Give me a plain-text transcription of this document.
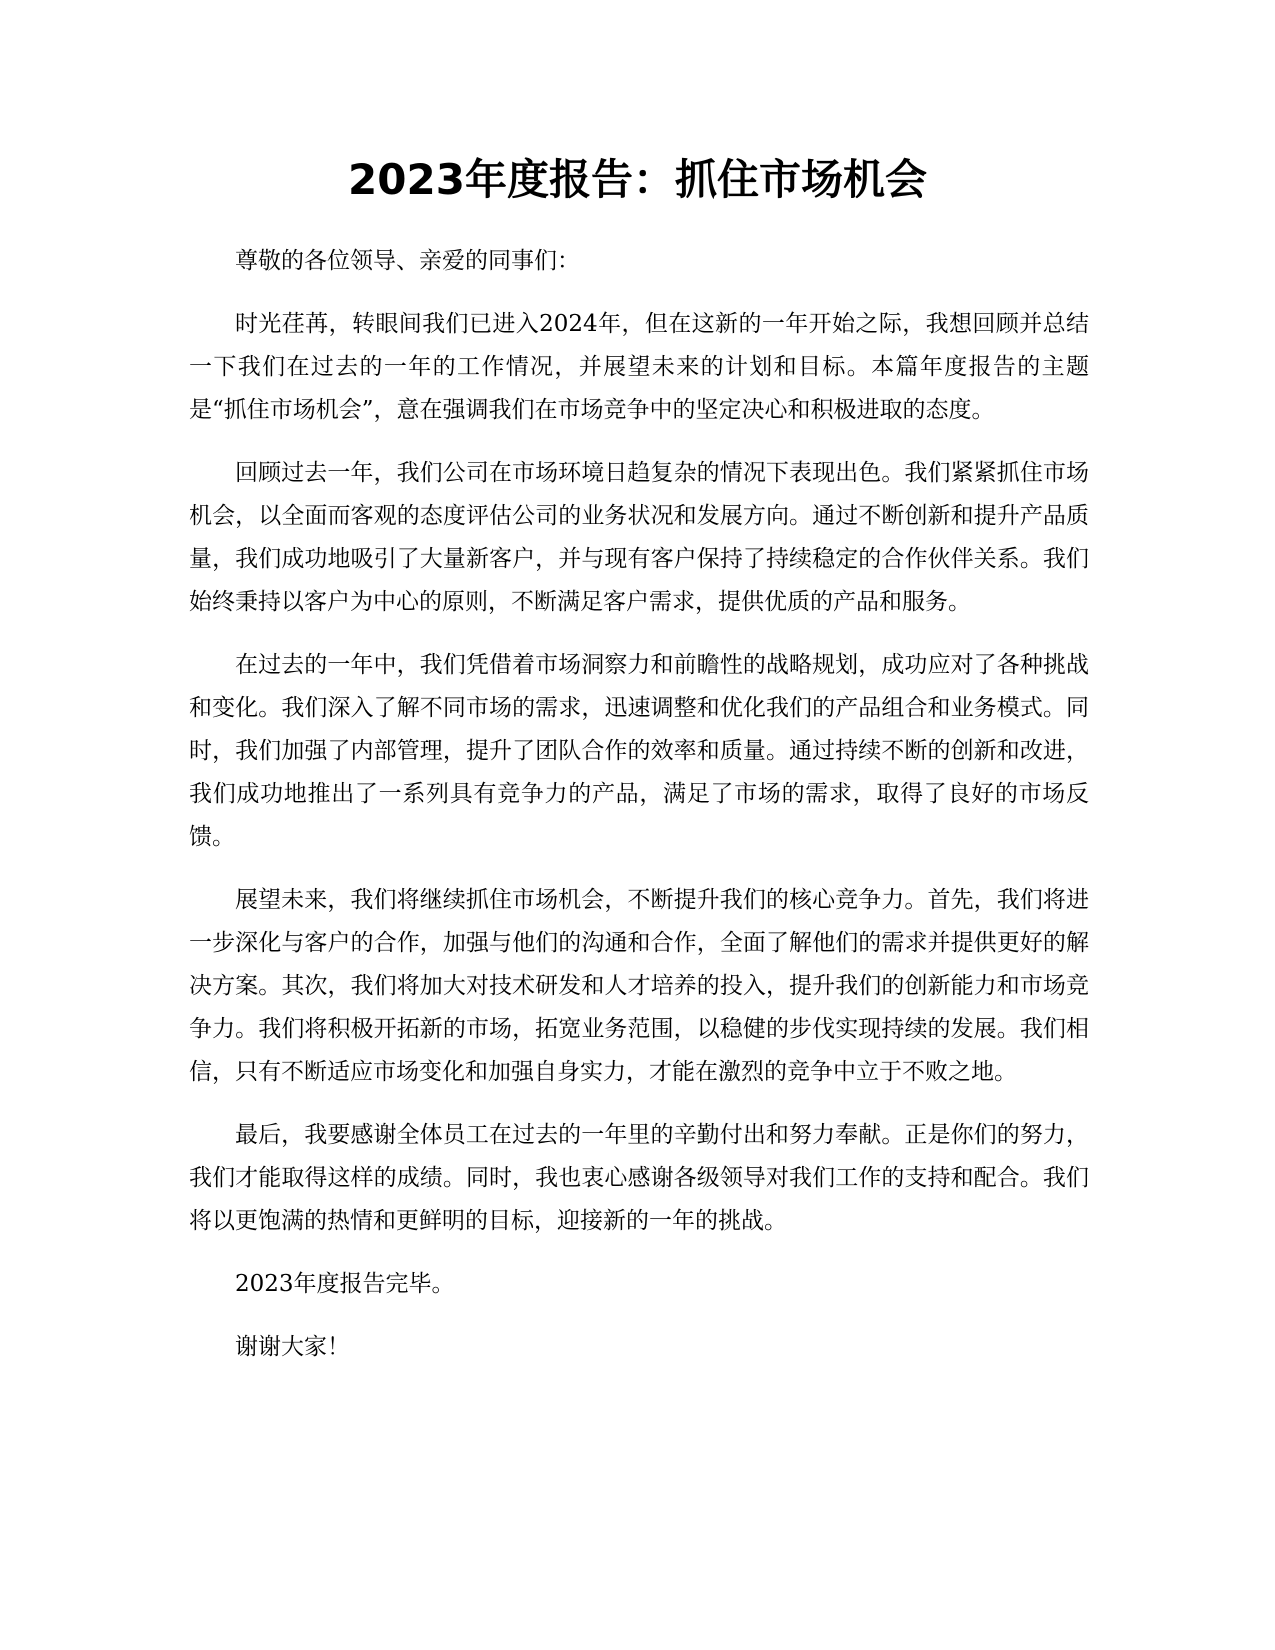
2023年度报告：抓住市场机会

尊敬的各位领导、亲爱的同事们：

时光荏苒，转眼间我们已进入2024年，但在这新的一年开始之际，我想回顾并总结一下我们在过去的一年的工作情况，并展望未来的计划和目标。本篇年度报告的主题是“抓住市场机会”，意在强调我们在市场竞争中的坚定决心和积极进取的态度。

回顾过去一年，我们公司在市场环境日趋复杂的情况下表现出色。我们紧紧抓住市场机会，以全面而客观的态度评估公司的业务状况和发展方向。通过不断创新和提升产品质量，我们成功地吸引了大量新客户，并与现有客户保持了持续稳定的合作伙伴关系。我们始终秉持以客户为中心的原则，不断满足客户需求，提供优质的产品和服务。

在过去的一年中，我们凭借着市场洞察力和前瞻性的战略规划，成功应对了各种挑战和变化。我们深入了解不同市场的需求，迅速调整和优化我们的产品组合和业务模式。同时，我们加强了内部管理，提升了团队合作的效率和质量。通过持续不断的创新和改进，我们成功地推出了一系列具有竞争力的产品，满足了市场的需求，取得了良好的市场反馈。

展望未来，我们将继续抓住市场机会，不断提升我们的核心竞争力。首先，我们将进一步深化与客户的合作，加强与他们的沟通和合作，全面了解他们的需求并提供更好的解决方案。其次，我们将加大对技术研发和人才培养的投入，提升我们的创新能力和市场竞争力。我们将积极开拓新的市场，拓宽业务范围，以稳健的步伐实现持续的发展。我们相信，只有不断适应市场变化和加强自身实力，才能在激烈的竞争中立于不败之地。

最后，我要感谢全体员工在过去的一年里的辛勤付出和努力奉献。正是你们的努力，我们才能取得这样的成绩。同时，我也衷心感谢各级领导对我们工作的支持和配合。我们将以更饱满的热情和更鲜明的目标，迎接新的一年的挑战。

2023年度报告完毕。

谢谢大家！
